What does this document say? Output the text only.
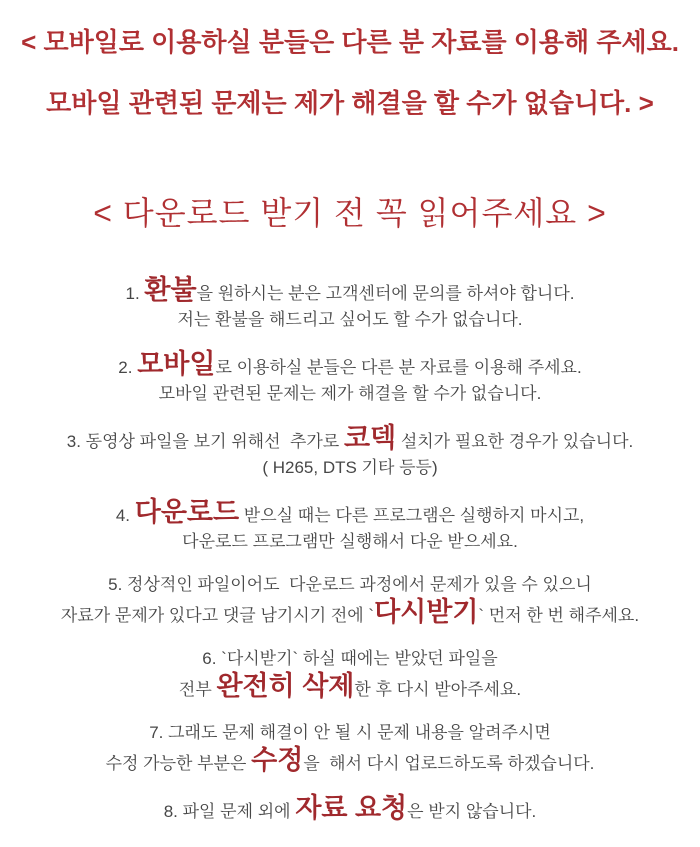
< 모바일로 이용하실 분들은 다른 분 자료를 이용해 주세요.

모바일 관련된 문제는 제가 해결을 할 수가 없습니다. >

< 다운로드 받기 전 꼭 읽어주세요 >

1. 환불을 원하시는 분은 고객센터에 문의를 하셔야 합니다.

저는 환불을 해드리고 싶어도 할 수가 없습니다.

2. 모바일로 이용하실 분들은 다른 분 자료를 이용해 주세요.

모바일 관련된 문제는 제가 해결을 할 수가 없습니다.

3. 동영상 파일을 보기 위해선  추가로 코덱 설치가 필요한 경우가 있습니다.

( H265, DTS 기타 등등)

4. 다운로드 받으실 때는 다른 프로그램은 실행하지 마시고,

다운로드 프로그램만 실행해서 다운 받으세요.

5. 정상적인 파일이어도  다운로드 과정에서 문제가 있을 수 있으니

자료가 문제가 있다고 댓글 남기시기 전에 `다시받기` 먼저 한 번 해주세요.

6. `다시받기` 하실 때에는 받았던 파일을

전부 완전히 삭제한 후 다시 받아주세요.

7. 그래도 문제 해결이 안 될 시 문제 내용을 알려주시면

수정 가능한 부분은 수정을  해서 다시 업로드하도록 하겠습니다.

8. 파일 문제 외에 자료 요청은 받지 않습니다.
